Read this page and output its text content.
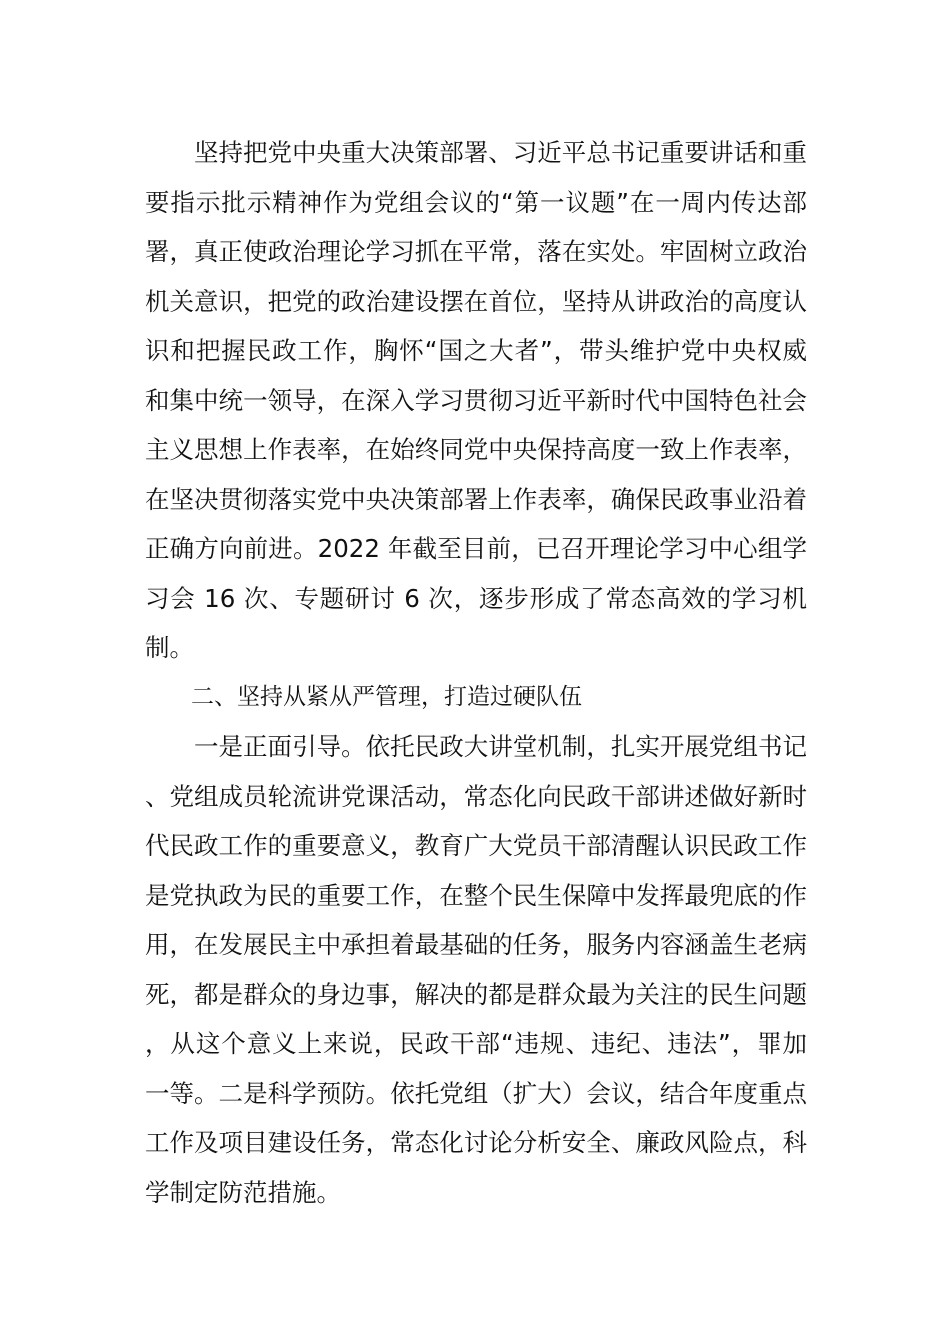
坚持把党中央重大决策部署、习近平总书记重要讲话和重要指示批示精神作为党组会议的“第一议题”在一周内传达部署，真正使政治理论学习抓在平常，落在实处。牢固树立政治机关意识，把党的政治建设摆在首位，坚持从讲政治的高度认识和把握民政工作，胸怀“国之大者”，带头维护党中央权威和集中统一领导，在深入学习贯彻习近平新时代中国特色社会主义思想上作表率，在始终同党中央保持高度一致上作表率，在坚决贯彻落实党中央决策部署上作表率，确保民政事业沿着正确方向前进。2022 年截至目前，已召开理论学习中心组学习会 16 次、专题研讨 6 次，逐步形成了常态高效的学习机制。

二、坚持从紧从严管理，打造过硬队伍

一是正面引导。依托民政大讲堂机制，扎实开展党组书记、党组成员轮流讲党课活动，常态化向民政干部讲述做好新时代民政工作的重要意义，教育广大党员干部清醒认识民政工作是党执政为民的重要工作，在整个民生保障中发挥最兜底的作用，在发展民主中承担着最基础的任务，服务内容涵盖生老病死，都是群众的身边事，解决的都是群众最为关注的民生问题，从这个意义上来说，民政干部“违规、违纪、违法”，罪加一等。二是科学预防。依托党组（扩大）会议，结合年度重点工作及项目建设任务，常态化讨论分析安全、廉政风险点，科学制定防范措施。
